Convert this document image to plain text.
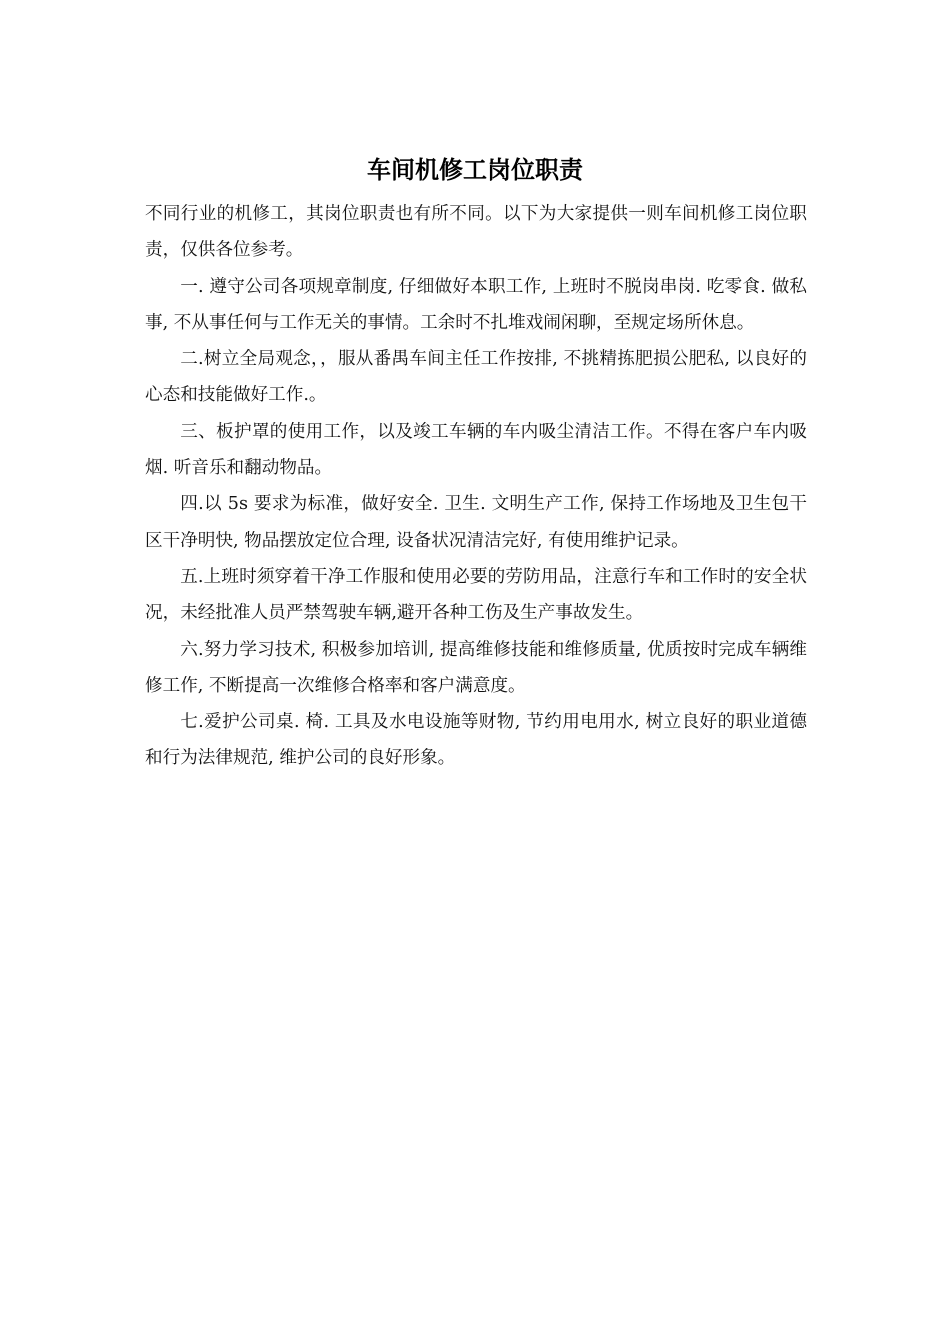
车间机修工岗位职责

不同行业的机修工，其岗位职责也有所不同。以下为大家提供一则车间机修工岗位职责，仅供各位参考。

一. 遵守公司各项规章制度, 仔细做好本职工作, 上班时不脱岗串岗. 吃零食. 做私事, 不从事任何与工作无关的事情。工余时不扎堆戏闹闲聊，至规定场所休息。

二.树立全局观念，，服从番禺车间主任工作按排, 不挑精拣肥损公肥私, 以良好的心态和技能做好工作.。

三、板护罩的使用工作，以及竣工车辆的车内吸尘清洁工作。不得在客户车内吸烟. 听音乐和翻动物品。

四.以 5s 要求为标准，做好安全. 卫生. 文明生产工作, 保持工作场地及卫生包干区干净明快, 物品摆放定位合理, 设备状况清洁完好, 有使用维护记录。

五.上班时须穿着干净工作服和使用必要的劳防用品，注意行车和工作时的安全状况，未经批准人员严禁驾驶车辆,避开各种工伤及生产事故发生。

六.努力学习技术, 积极参加培训, 提高维修技能和维修质量, 优质按时完成车辆维修工作, 不断提高一次维修合格率和客户满意度。

七.爱护公司桌. 椅. 工具及水电设施等财物, 节约用电用水, 树立良好的职业道德和行为法律规范, 维护公司的良好形象。
